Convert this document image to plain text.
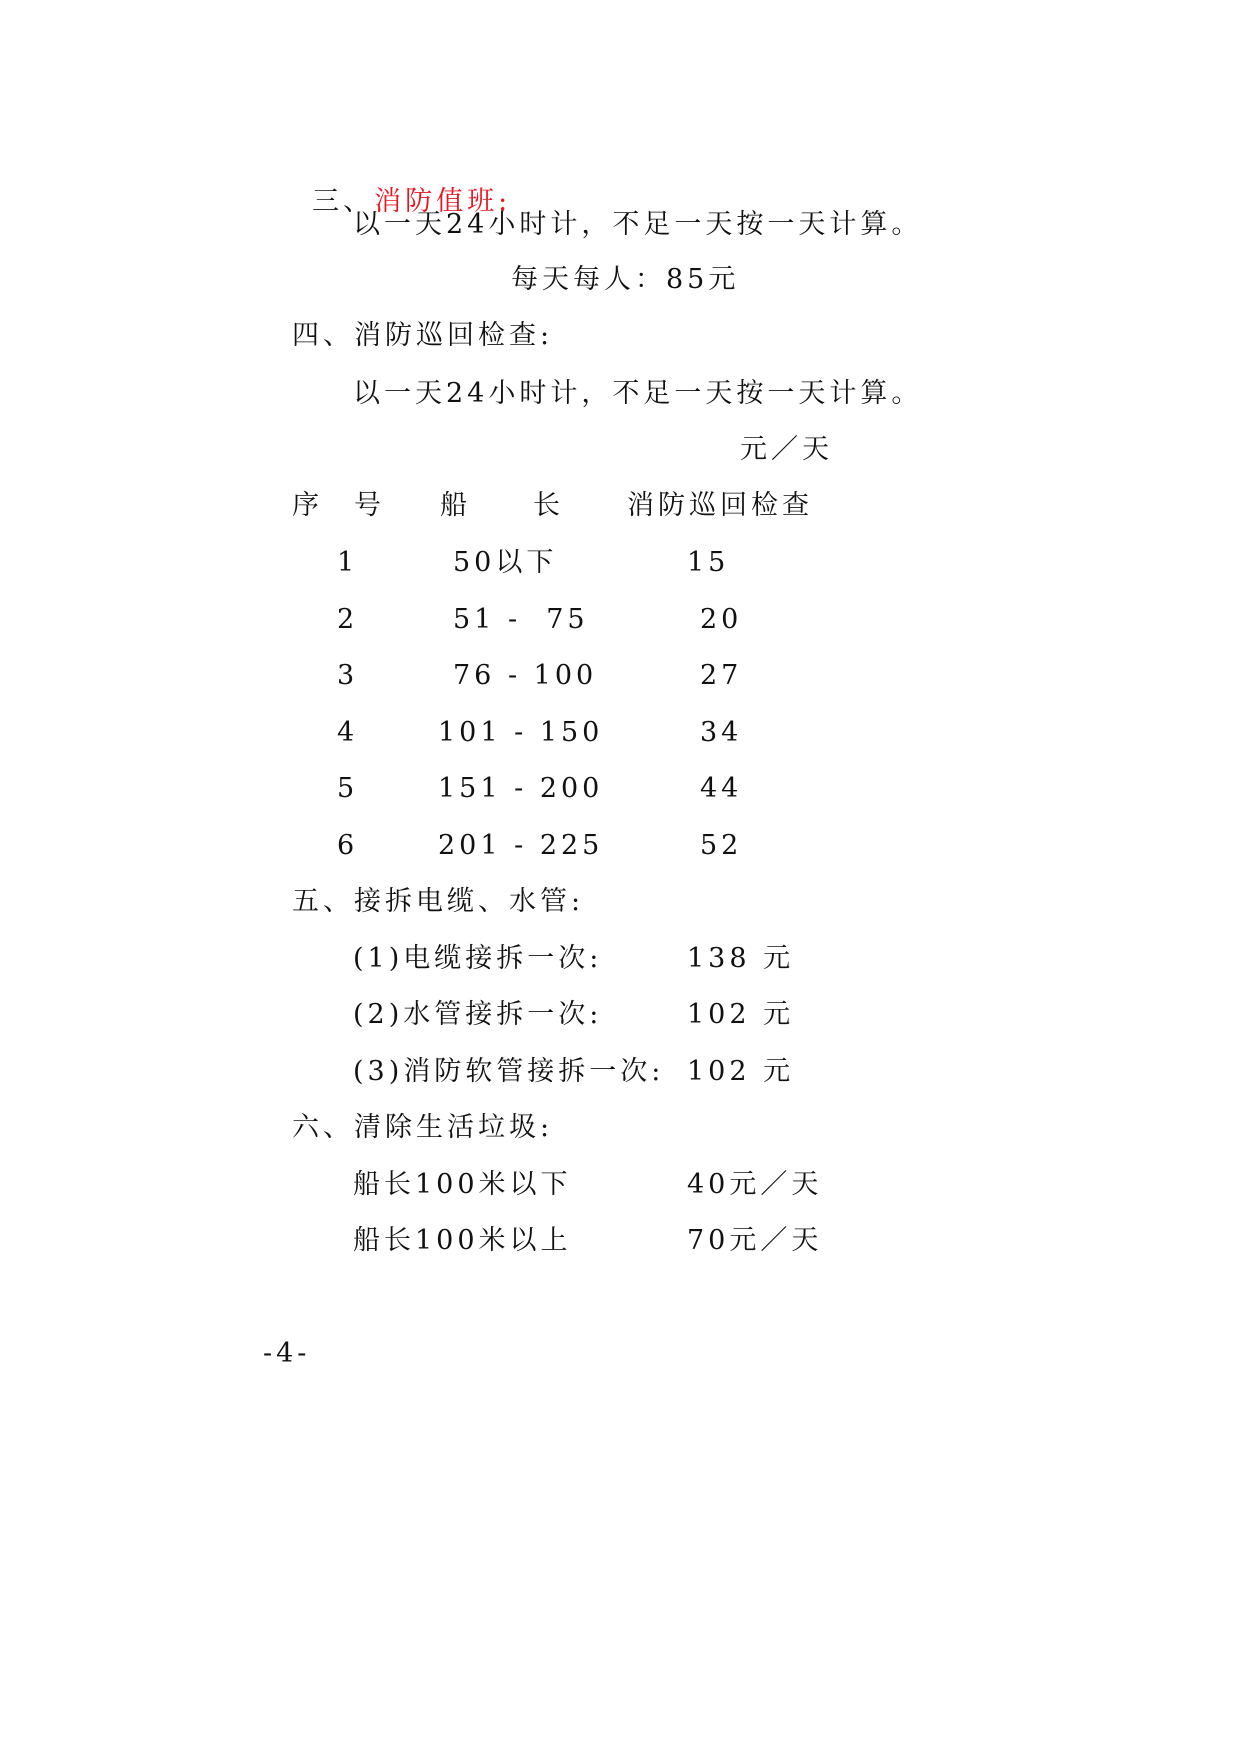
三、消防值班:

以一天24小时计，不足一天按一天计算。
每天每人：85元
四、消防巡回检查:
以一天24小时计，不足一天按一天计算。
元／天
序　号 船　　长 消防巡回检查
1	50以下	15
2	51 -  75	20
3	76 - 100	27
4	101 - 150	34
5	151 - 200	44
6	201 - 225	52
五、接拆电缆、水管:
(1)电缆接拆一次:	138 元
(2)水管接拆一次:	102 元
(3)消防软管接拆一次: 102 元
六、清除生活垃圾:
船长100米以下	40元／天
船长100米以上	70元／天
-4-
